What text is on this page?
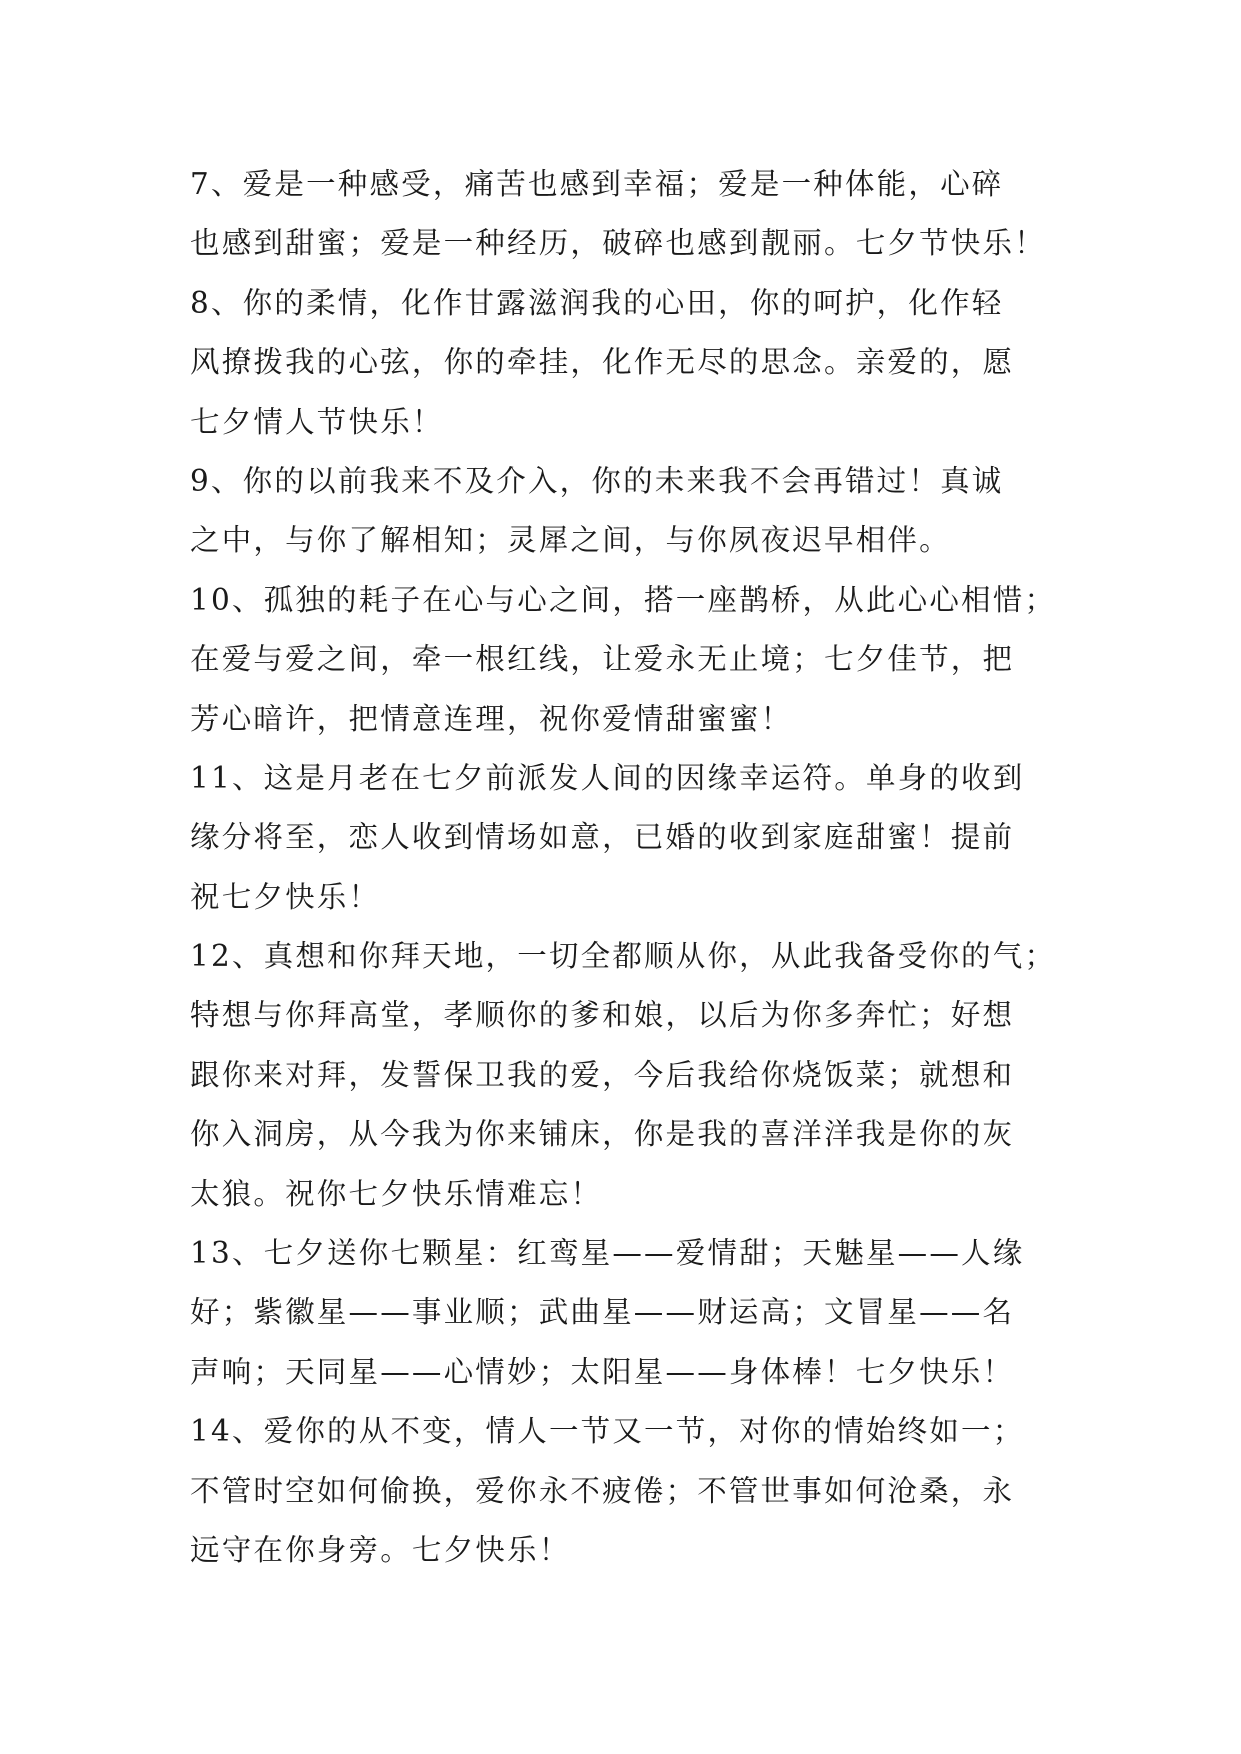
7、爱是一种感受，痛苦也感到幸福；爱是一种体能，心碎
也感到甜蜜；爱是一种经历，破碎也感到靓丽。七夕节快乐！
8、你的柔情，化作甘露滋润我的心田，你的呵护，化作轻
风撩拨我的心弦，你的牵挂，化作无尽的思念。亲爱的，愿
七夕情人节快乐！
9、你的以前我来不及介入，你的未来我不会再错过！真诚
之中，与你了解相知；灵犀之间，与你夙夜迟早相伴。
10、孤独的耗子在心与心之间，搭一座鹊桥，从此心心相惜；
在爱与爱之间，牵一根红线，让爱永无止境；七夕佳节，把
芳心暗许，把情意连理，祝你爱情甜蜜蜜！
11、这是月老在七夕前派发人间的因缘幸运符。单身的收到
缘分将至，恋人收到情场如意，已婚的收到家庭甜蜜！提前
祝七夕快乐！
12、真想和你拜天地，一切全都顺从你，从此我备受你的气；
特想与你拜高堂，孝顺你的爹和娘，以后为你多奔忙；好想
跟你来对拜，发誓保卫我的爱，今后我给你烧饭菜；就想和
你入洞房，从今我为你来铺床，你是我的喜洋洋我是你的灰
太狼。祝你七夕快乐情难忘！
13、七夕送你七颗星：红鸾星——爱情甜；天魅星——人缘
好；紫徽星——事业顺；武曲星——财运高；文冒星——名
声响；天同星——心情妙；太阳星——身体棒！七夕快乐！
14、爱你的从不变，情人一节又一节，对你的情始终如一；
不管时空如何偷换，爱你永不疲倦；不管世事如何沧桑，永
远守在你身旁。七夕快乐！
